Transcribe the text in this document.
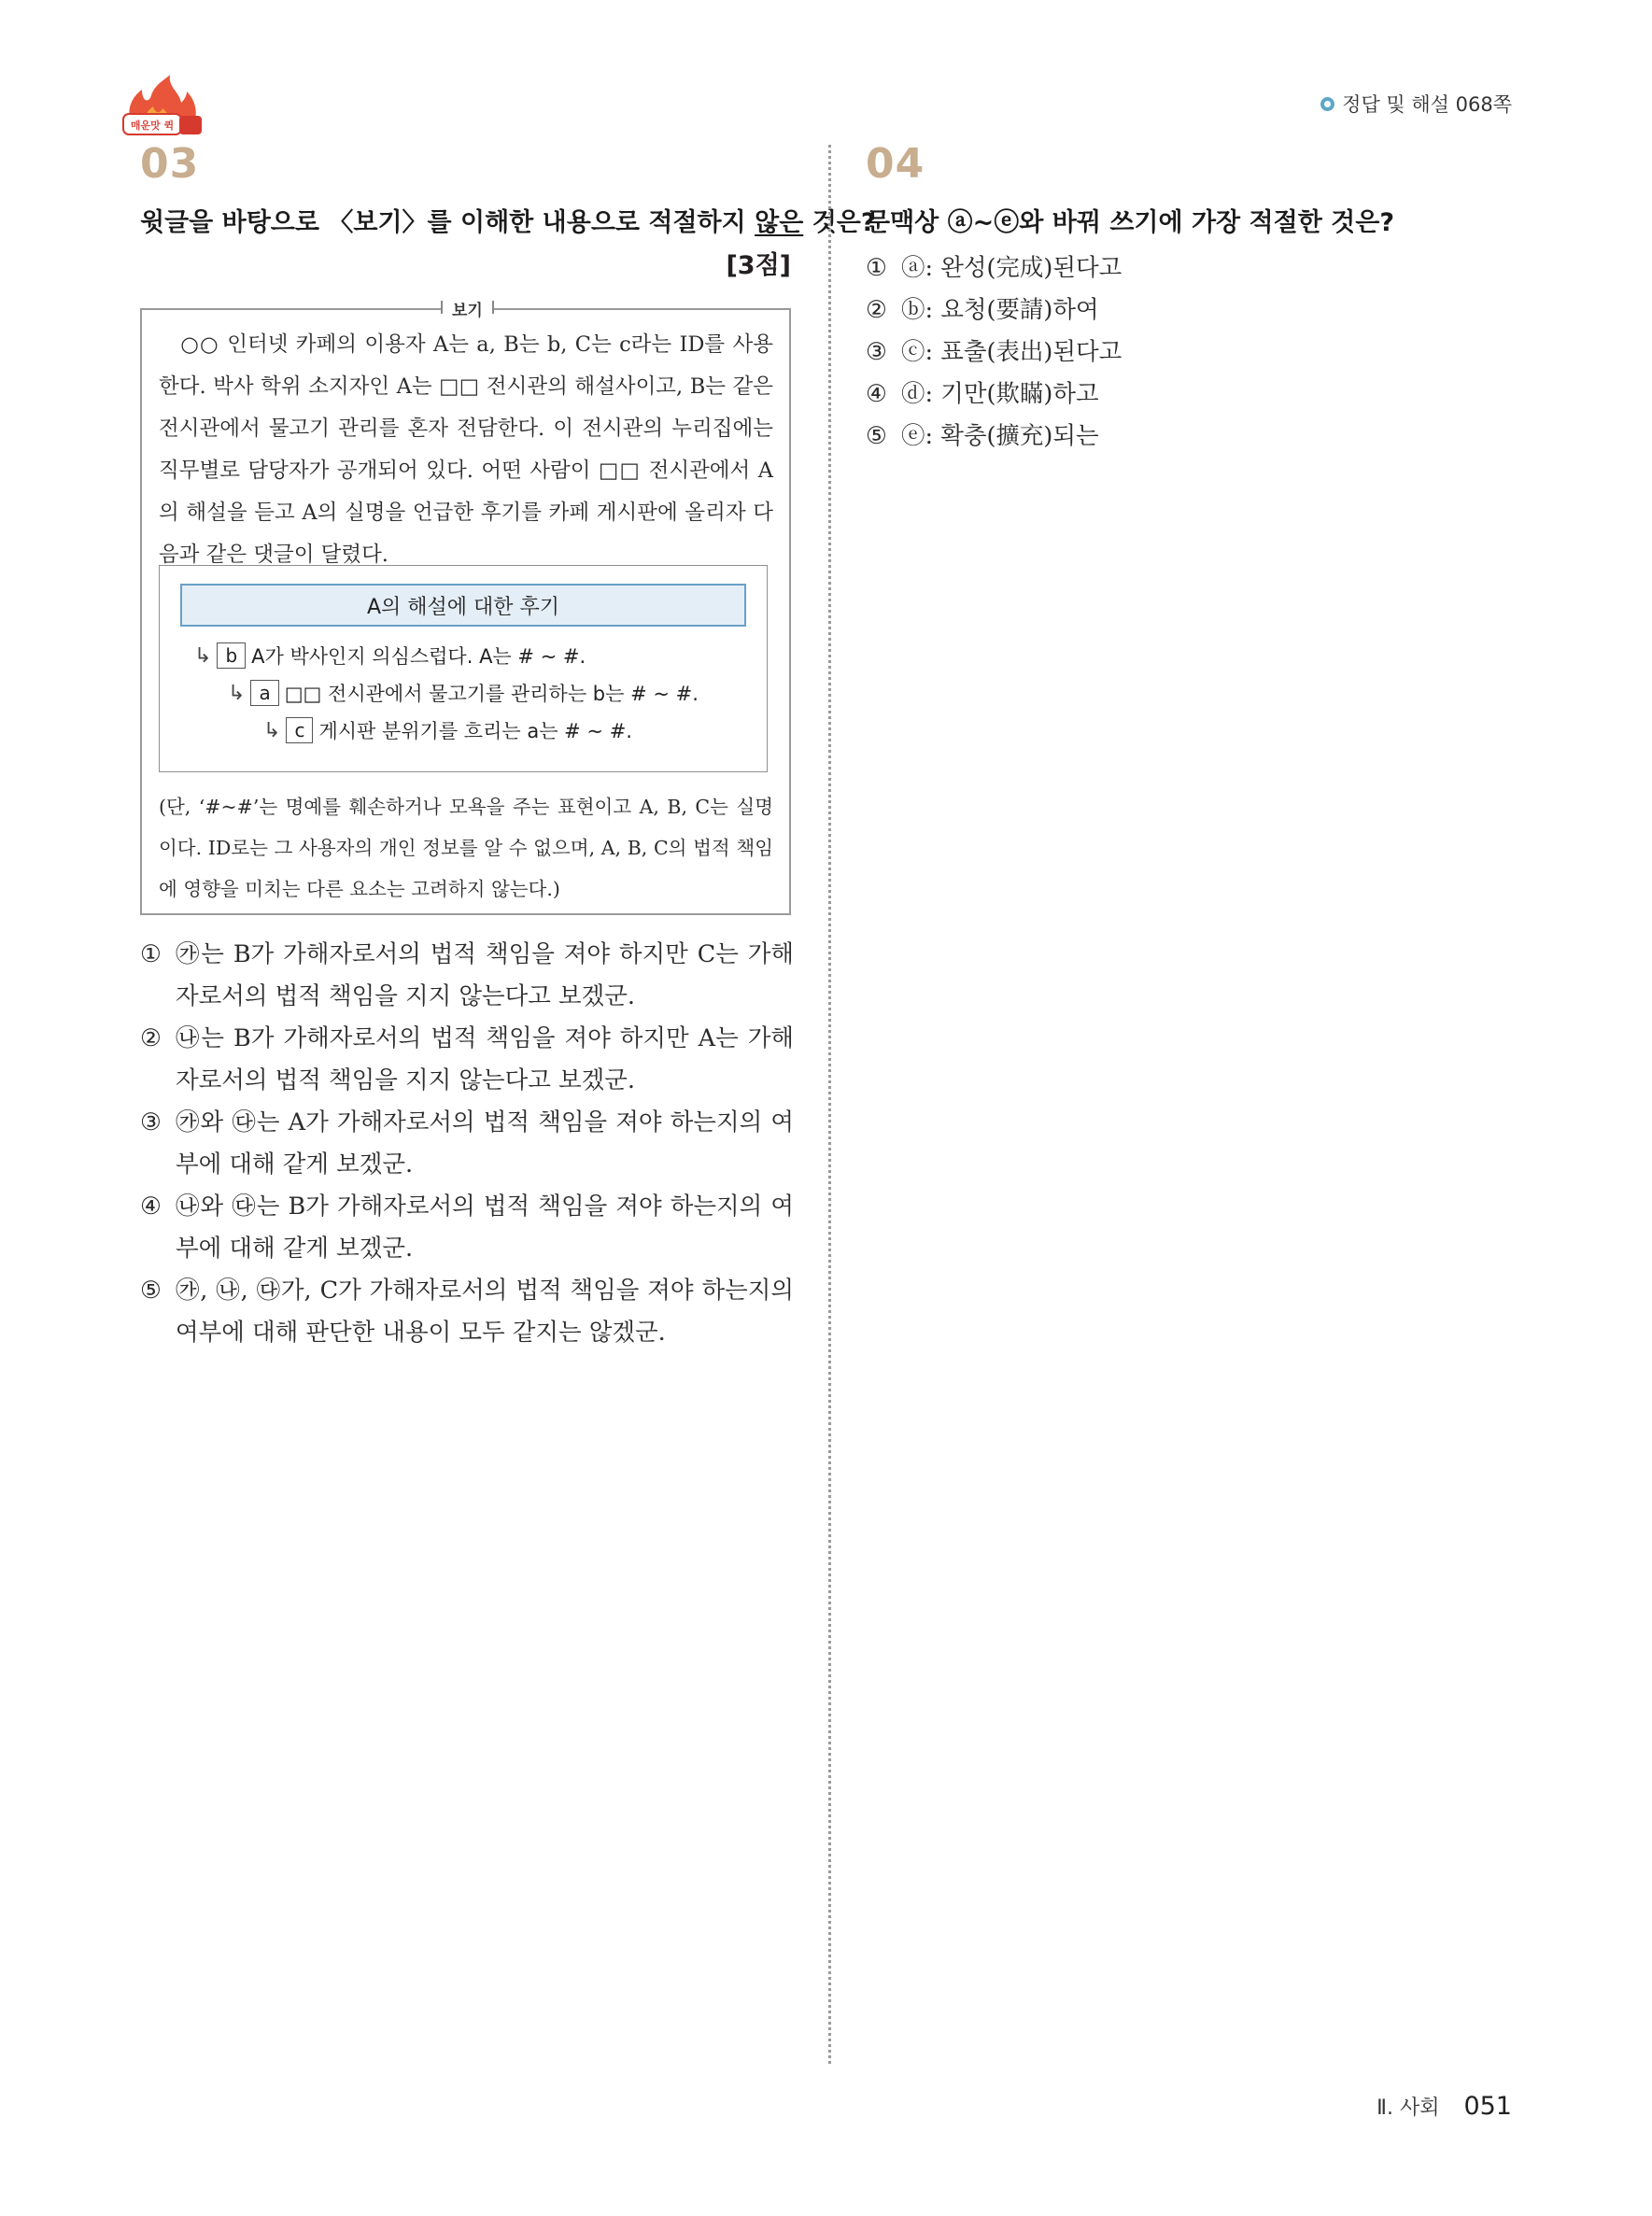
매운맛 퀵
정답 및 해설 068쪽
03
윗글을 바탕으로 〈보기〉를 이해한 내용으로 적절하지 않은 것은?
[3점]
보기
○○ 인터넷 카페의 이용자 A는 a, B는 b, C는 c라는 ID를 사용한다. 박사 학위 소지자인 A는 □□ 전시관의 해설사이고, B는 같은 전시관에서 물고기 관리를 혼자 전담한다. 이 전시관의 누리집에는 직무별로 담당자가 공개되어 있다. 어떤 사람이 □□ 전시관에서 A의 해설을 듣고 A의 실명을 언급한 후기를 카페 게시판에 올리자 다음과 같은 댓글이 달렸다.
A의 해설에 대한 후기
↳ b A가 박사인지 의심스럽다. A는 # ~ #.
↳ a □□ 전시관에서 물고기를 관리하는 b는 # ~ #.
↳ c 게시판 분위기를 흐리는 a는 # ~ #.
(단, ‘#~#’는 명예를 훼손하거나 모욕을 주는 표현이고 A, B, C는 실명이다. ID로는 그 사용자의 개인 정보를 알 수 없으며, A, B, C의 법적 책임에 영향을 미치는 다른 요소는 고려하지 않는다.)
① ㉮는 B가 가해자로서의 법적 책임을 져야 하지만 C는 가해자로서의 법적 책임을 지지 않는다고 보겠군.
② ㉯는 B가 가해자로서의 법적 책임을 져야 하지만 A는 가해자로서의 법적 책임을 지지 않는다고 보겠군.
③ ㉮와 ㉰는 A가 가해자로서의 법적 책임을 져야 하는지의 여부에 대해 같게 보겠군.
④ ㉯와 ㉰는 B가 가해자로서의 법적 책임을 져야 하는지의 여부에 대해 같게 보겠군.
⑤ ㉮, ㉯, ㉰가, C가 가해자로서의 법적 책임을 져야 하는지의 여부에 대해 판단한 내용이 모두 같지는 않겠군.
04
문맥상 ⓐ~ⓔ와 바꿔 쓰기에 가장 적절한 것은?
① ⓐ: 완성(完成)된다고
② ⓑ: 요청(要請)하여
③ ⓒ: 표출(表出)된다고
④ ⓓ: 기만(欺瞞)하고
⑤ ⓔ: 확충(擴充)되는
Ⅱ. 사회 051
